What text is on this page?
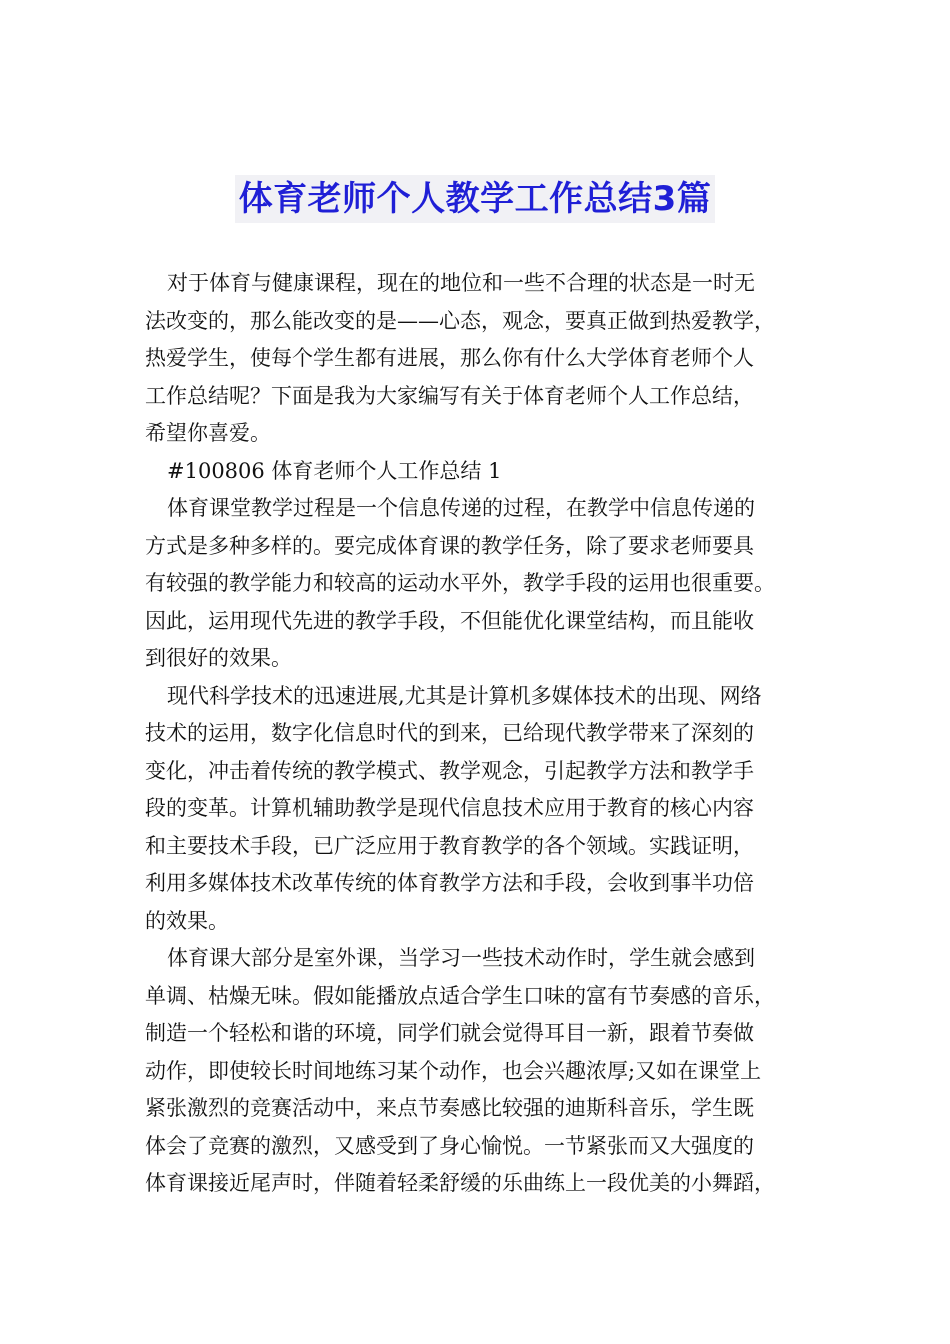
体育老师个人教学工作总结3篇
对于体育与健康课程，现在的地位和一些不合理的状态是一时无
法改变的，那么能改变的是——心态，观念，要真正做到热爱教学，
热爱学生，使每个学生都有进展，那么你有什么大学体育老师个人
工作总结呢？下面是我为大家编写有关于体育老师个人工作总结，
希望你喜爱。
#100806 体育老师个人工作总结 1
体育课堂教学过程是一个信息传递的过程，在教学中信息传递的
方式是多种多样的。要完成体育课的教学任务，除了要求老师要具
有较强的教学能力和较高的运动水平外，教学手段的运用也很重要。
因此，运用现代先进的教学手段，不但能优化课堂结构，而且能收
到很好的效果。
现代科学技术的迅速进展,尤其是计算机多媒体技术的出现、网络
技术的运用，数字化信息时代的到来，已给现代教学带来了深刻的
变化，冲击着传统的教学模式、教学观念，引起教学方法和教学手
段的变革。计算机辅助教学是现代信息技术应用于教育的核心内容
和主要技术手段，已广泛应用于教育教学的各个领域。实践证明，
利用多媒体技术改革传统的体育教学方法和手段，会收到事半功倍
的效果。
体育课大部分是室外课，当学习一些技术动作时，学生就会感到
单调、枯燥无味。假如能播放点适合学生口味的富有节奏感的音乐，
制造一个轻松和谐的环境，同学们就会觉得耳目一新，跟着节奏做
动作，即使较长时间地练习某个动作，也会兴趣浓厚;又如在课堂上
紧张激烈的竞赛活动中，来点节奏感比较强的迪斯科音乐，学生既
体会了竞赛的激烈，又感受到了身心愉悦。一节紧张而又大强度的
体育课接近尾声时，伴随着轻柔舒缓的乐曲练上一段优美的小舞蹈，
